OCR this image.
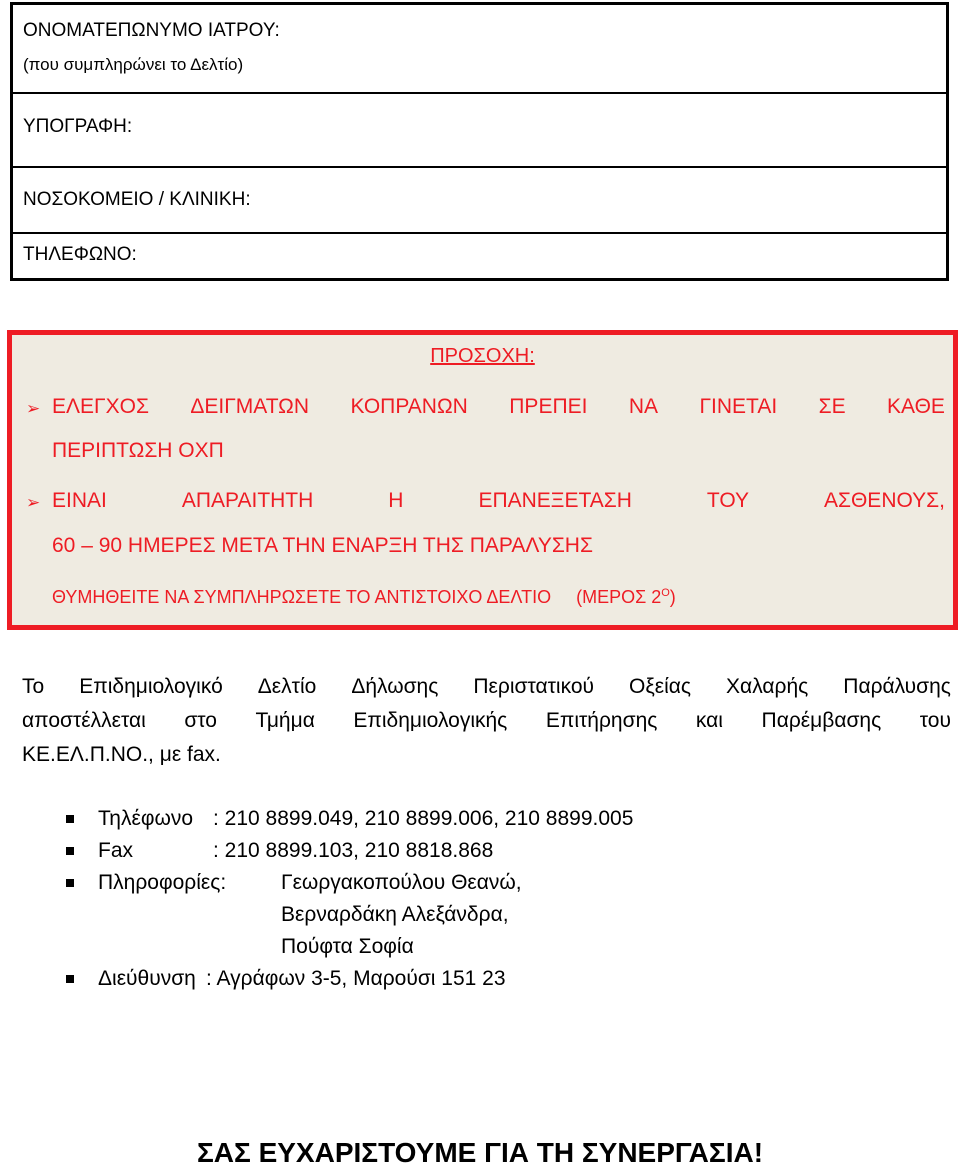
ΟΝΟΜΑΤΕΠΩΝΥΜΟ ΙΑΤΡΟΥ:
(που συμπληρώνει το Δελτίο)
ΥΠΟΓΡΑΦΗ:
ΝΟΣΟΚΟΜΕΙΟ / ΚΛΙΝΙΚΗ:
ΤΗΛΕΦΩΝΟ:
ΠΡΟΣΟΧΗ:
➢ ΕΛΕΓΧΟΣ ΔΕΙΓΜΑΤΩΝ ΚΟΠΡΑΝΩΝ ΠΡΕΠΕΙ ΝΑ ΓΙΝΕΤΑΙ ΣΕ ΚΑΘΕ
ΠΕΡΙΠΤΩΣΗ ΟΧΠ
➢ ΕΙΝΑΙ	ΑΠΑΡΑΙΤΗΤΗ	Η	ΕΠΑΝΕΞΕΤΑΣΗ	ΤΟΥ	ΑΣΘΕΝΟΥΣ,
60 – 90 ΗΜΕΡΕΣ ΜΕΤΑ ΤΗΝ ΕΝΑΡΞΗ ΤΗΣ ΠΑΡΑΛΥΣΗΣ
ΘΥΜΗΘΕΙΤΕ ΝΑ ΣΥΜΠΛΗΡΩΣΕΤΕ ΤΟ ΑΝΤΙΣΤΟΙΧΟ ΔΕΛΤΙΟ (ΜΕΡΟΣ $2^O$)
Το Επιδημιολογικό Δελτίο Δήλωσης Περιστατικού Οξείας Χαλαρής Παράλυσης
αποστέλλεται στο Τμήμα Επιδημιολογικής Επιτήρησης και Παρέμβασης του
ΚΕ.ΕΛ.Π.ΝΟ., με fax.
Τηλέφωνο : 210 8899.049, 210 8899.006, 210 8899.005
Fax	: 210 8899.103, 210 8818.868
Πληροφορίες:	Γεωργακοπούλου Θεανώ,
Βερναρδάκη Αλεξάνδρα,
Πούφτα Σοφία
Διεύθυνση : Αγράφων 3-5, Μαρούσι 151 23
ΣΑΣ ΕΥΧΑΡΙΣΤΟΥΜΕ ΓΙΑ ΤΗ ΣΥΝΕΡΓΑΣΙΑ!
